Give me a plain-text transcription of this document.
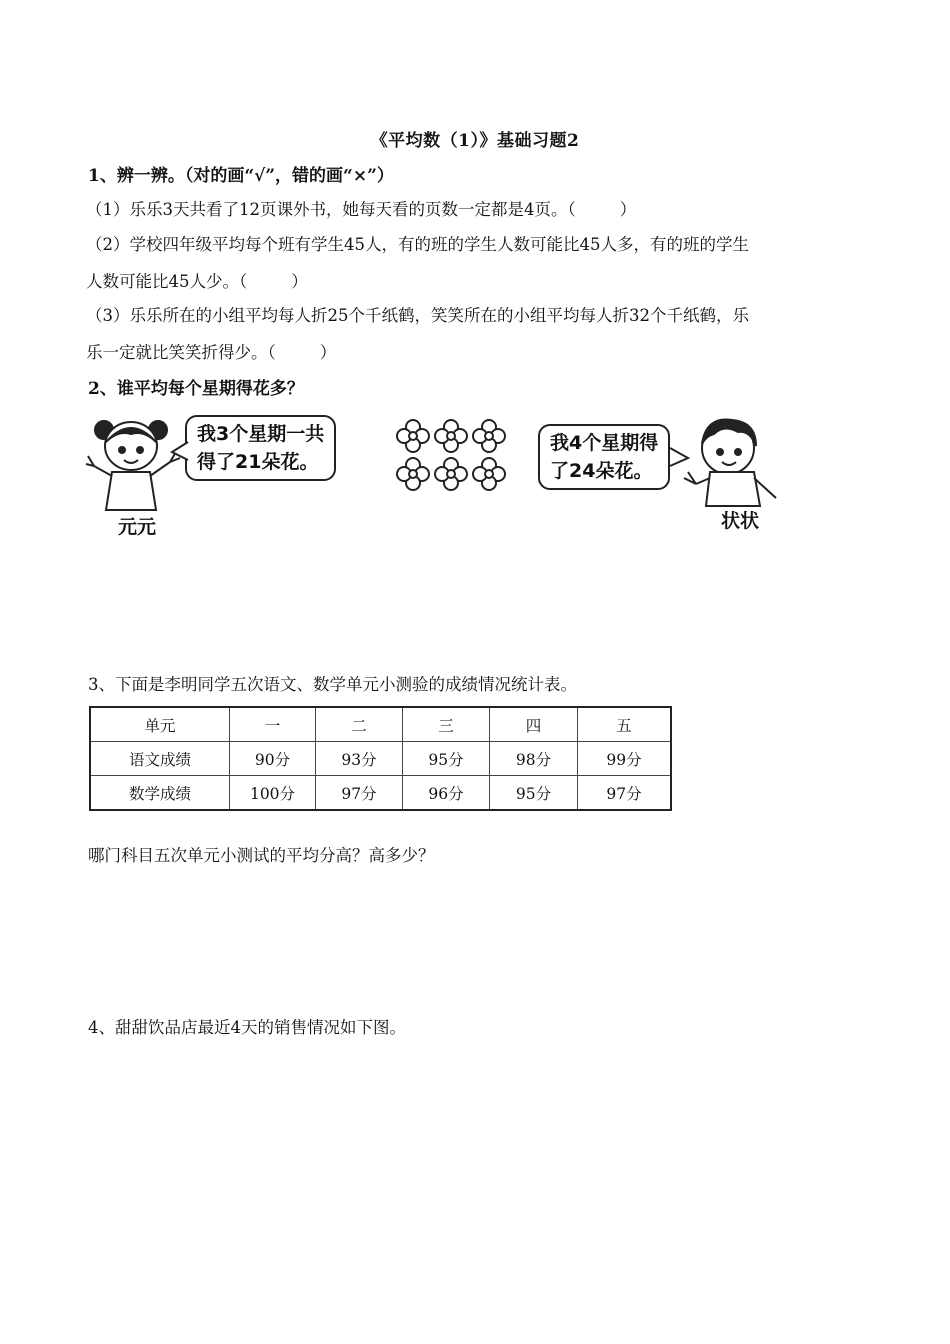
《平均数（1）》基础习题2
1、辨一辨。（对的画“√”，错的画“×”）
（1）乐乐3天共看了12页课外书，她每天看的页数一定都是4页。（	）
（2）学校四年级平均每个班有学生45人，有的班的学生人数可能比45人多，有的班的学生
人数可能比45人少。（	）
（3）乐乐所在的小组平均每人折25个千纸鹤，笑笑所在的小组平均每人折32个千纸鹤，乐
乐一定就比笑笑折得少。（	）
2、谁平均每个星期得花多？
我3个星期一共
得了21朵花。
我4个星期得
了24朵花。
元元	状状
3、下面是李明同学五次语文、数学单元小测验的成绩情况统计表。
单元	一	二	三	四	五
语文成绩	90分	93分	95分	98分	99分
数学成绩	100分	97分	96分	95分	97分
哪门科目五次单元小测试的平均分高？高多少？
4、甜甜饮品店最近4天的销售情况如下图。
